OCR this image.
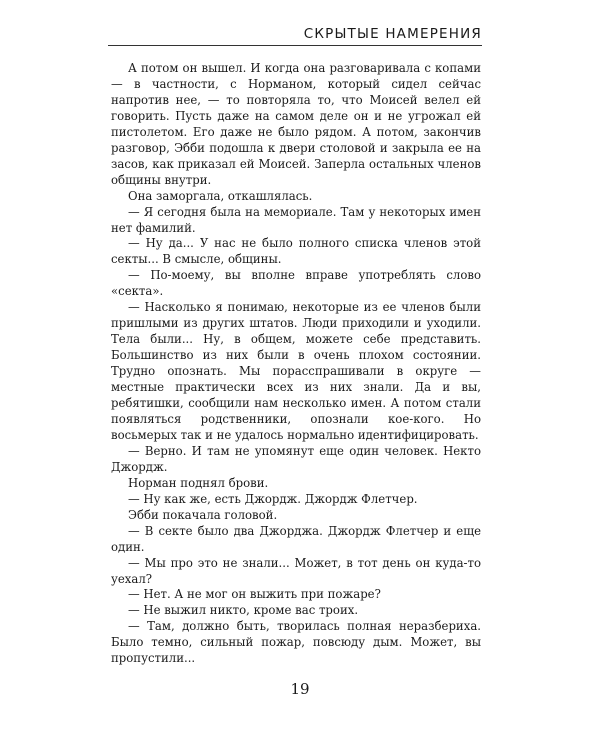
СКРЫТЫЕ НАМЕРЕНИЯ

А потом он вышел. И когда она разговаривала с копами — в частности, с Норманом, который сидел сейчас напротив нее, — то повторяла то, что Моисей велел ей говорить. Пусть даже на самом деле он и не угрожал ей пистолетом. Его даже не было рядом. А потом, закончив разговор, Эбби подошла к двери столовой и закрыла ее на засов, как приказал ей Моисей. Заперла остальных членов общины внутри.

Она заморгала, откашлялась.

— Я сегодня была на мемориале. Там у некоторых имен нет фамилий.

— Ну да... У нас не было полного списка членов этой секты... В смысле, общины.

— По-моему, вы вполне вправе употреблять слово «секта».

— Насколько я понимаю, некоторые из ее членов были пришлыми из других штатов. Люди приходили и уходили. Тела были... Ну, в общем, можете себе представить. Большинство из них были в очень плохом состоянии. Трудно опознать. Мы порасспрашивали в округе — местные практически всех из них знали. Да и вы, ребятишки, сообщили нам несколько имен. А потом стали появляться родственники, опознали кое-кого. Но восьмерых так и не удалось нормально идентифицировать.

— Верно. И там не упомянут еще один человек. Некто Джордж.

Норман поднял брови.

— Ну как же, есть Джордж. Джордж Флетчер.

Эбби покачала головой.

— В секте было два Джорджа. Джордж Флетчер и еще один.

— Мы про это не знали... Может, в тот день он куда-то уехал?

— Нет. А не мог он выжить при пожаре?

— Не выжил никто, кроме вас троих.

— Там, должно быть, творилась полная неразбериха. Было темно, сильный пожар, повсюду дым. Может, вы пропустили...

19
